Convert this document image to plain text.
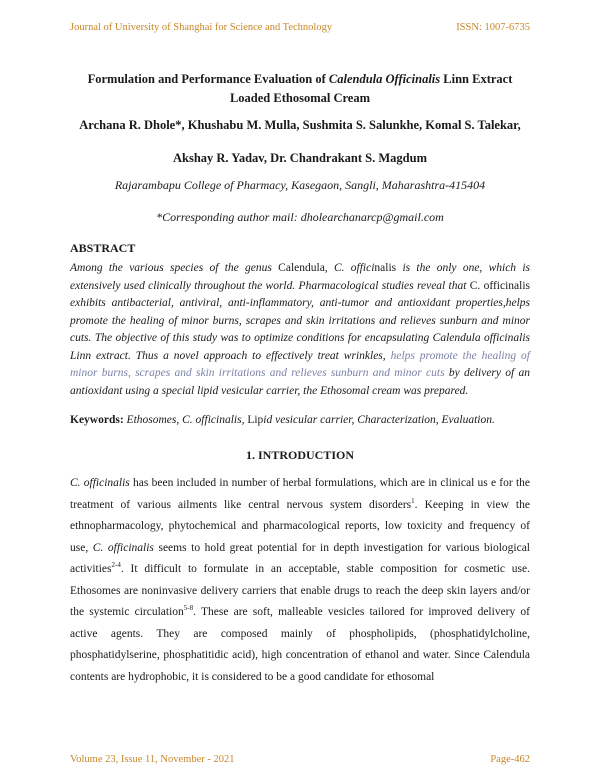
Journal of University of Shanghai for Science and Technology	ISSN: 1007-6735

Formulation and Performance Evaluation of Calendula Officinalis Linn Extract Loaded Ethosomal Cream

Archana R. Dhole*, Khushabu M. Mulla, Sushmita S. Salunkhe, Komal S. Talekar,
Akshay R. Yadav, Dr. Chandrakant S. Magdum
Rajarambapu College of Pharmacy, Kasegaon, Sangli, Maharashtra-415404
*Corresponding author mail: dholearchanarcp@gmail.com
ABSTRACT
Among the various species of the genus Calendula, C. officinalis is the only one, which is extensively used clinically throughout the world. Pharmacological studies reveal that C. officinalis exhibits antibacterial, antiviral, anti-inflammatory, anti-tumor and antioxidant properties,helps promote the healing of minor burns, scrapes and skin irritations and relieves sunburn and minor cuts. The objective of this study was to optimize conditions for encapsulating Calendula officinalis Linn extract. Thus a novel approach to effectively treat wrinkles, helps promote the healing of minor burns, scrapes and skin irritations and relieves sunburn and minor cuts by delivery of an antioxidant using a special lipid vesicular carrier, the Ethosomal cream was prepared.
Keywords: Ethosomes, C. officinalis, Lipid vesicular carrier, Characterization, Evaluation.
1. INTRODUCTION
C. officinalis has been included in number of herbal formulations, which are in clinical us e for the treatment of various ailments like central nervous system disorders$^1$. Keeping in view the ethnopharmacology, phytochemical and pharmacological reports, low toxicity and frequency of use, C. officinalis seems to hold great potential for in depth investigation for various biological activities$^{2-4}$. It difficult to formulate in an acceptable, stable composition for cosmetic use. Ethosomes are noninvasive delivery carriers that enable drugs to reach the deep skin layers and/or the systemic circulation$^{5-8}$. These are soft, malleable vesicles tailored for improved delivery of active agents. They are composed mainly of phospholipids, (phosphatidylcholine, phosphatidylserine, phosphatitidic acid), high concentration of ethanol and water. Since Calendula contents are hydrophobic, it is considered to be a good candidate for ethosomal
Volume 23, Issue 11, November - 2021	Page-462
